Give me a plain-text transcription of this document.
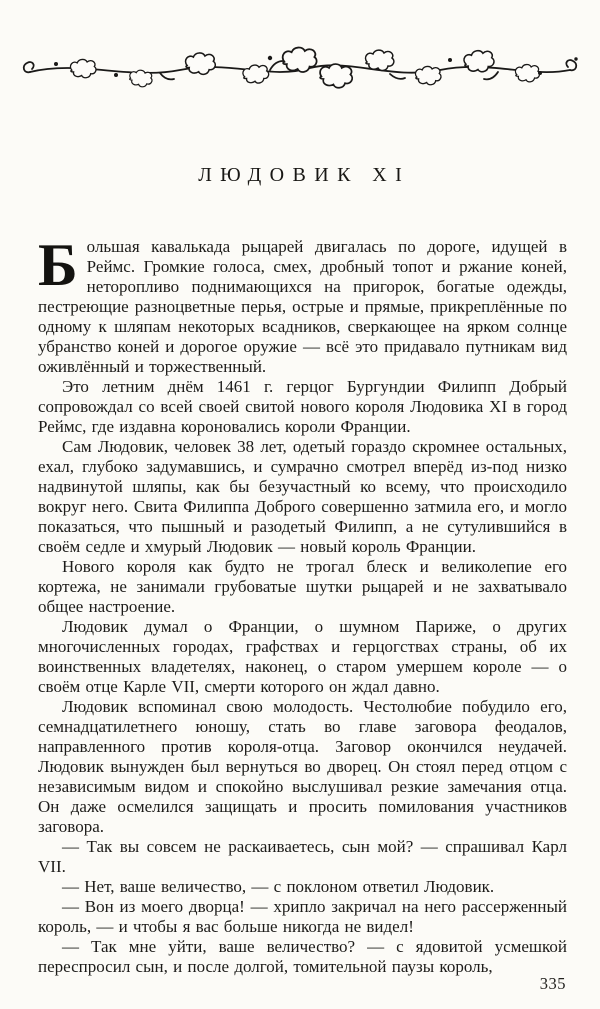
ЛЮДОВИК XI

Большая кавалькада рыцарей двигалась по дороге, идущей в Реймс. Громкие голоса, смех, дробный топот и ржание коней, неторопливо поднимающихся на пригорок, богатые одежды, пестреющие разноцветные перья, острые и прямые, прикреплённые по одному к шляпам некоторых всадников, сверкающее на ярком солнце убранство коней и дорогое оружие — всё это придавало путникам вид оживлённый и торжественный.

Это летним днём 1461 г. герцог Бургундии Филипп Добрый сопровождал со всей своей свитой нового короля Людовика XI в город Реймс, где издавна короновались короли Франции.

Сам Людовик, человек 38 лет, одетый гораздо скромнее остальных, ехал, глубоко задумавшись, и сумрачно смотрел вперёд из-под низко надвинутой шляпы, как бы безучастный ко всему, что происходило вокруг него. Свита Филиппа Доброго совершенно затмила его, и могло показаться, что пышный и разодетый Филипп, а не сутулившийся в своём седле и хмурый Людовик — новый король Франции.

Нового короля как будто не трогал блеск и великолепие его кортежа, не занимали грубоватые шутки рыцарей и не захватывало общее настроение.

Людовик думал о Франции, о шумном Париже, о других многочисленных городах, графствах и герцогствах страны, об их воинственных владетелях, наконец, о старом умершем короле — о своём отце Карле VII, смерти которого он ждал давно.

Людовик вспоминал свою молодость. Честолюбие побудило его, семнадцатилетнего юношу, стать во главе заговора феодалов, направленного против короля-отца. Заговор окончился неудачей. Людовик вынужден был вернуться во дворец. Он стоял перед отцом с независимым видом и спокойно выслушивал резкие замечания отца. Он даже осмелился защищать и просить помилования участников заговора.

— Так вы совсем не раскаиваетесь, сын мой? — спрашивал Карл VII.

— Нет, ваше величество, — с поклоном ответил Людовик.

— Вон из моего дворца! — хрипло закричал на него рассерженный король, — и чтобы я вас больше никогда не видел!

— Так мне уйти, ваше величество? — с ядовитой усмешкой переспросил сын, и после долгой, томительной паузы король,

335
